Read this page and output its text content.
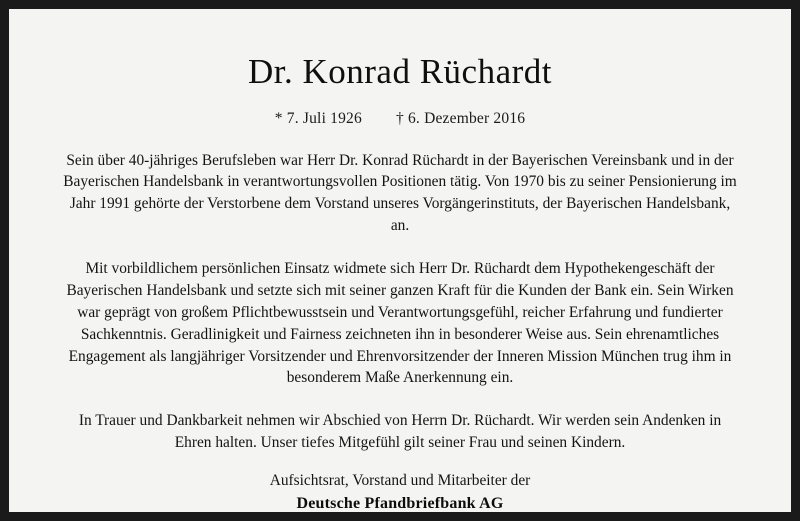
Dr. Konrad Rüchardt
* 7. Juli 1926 † 6. Dezember 2016

Sein über 40-jähriges Berufsleben war Herr Dr. Konrad Rüchardt in der Bayerischen Vereinsbank und in der Bayerischen Handelsbank in verantwortungsvollen Positionen tätig. Von 1970 bis zu seiner Pensionierung im Jahr 1991 gehörte der Verstorbene dem Vorstand unseres Vorgängerinstituts, der Bayerischen Handelsbank, an.

Mit vorbildlichem persönlichen Einsatz widmete sich Herr Dr. Rüchardt dem Hypothekengeschäft der Bayerischen Handelsbank und setzte sich mit seiner ganzen Kraft für die Kunden der Bank ein. Sein Wirken war geprägt von großem Pflichtbewusstsein und Verantwortungsgefühl, reicher Erfahrung und fundierter Sachkenntnis. Geradlinigkeit und Fairness zeichneten ihn in besonderer Weise aus. Sein ehrenamtliches Engagement als langjähriger Vorsitzender und Ehrenvorsitzender der Inneren Mission München trug ihm in besonderem Maße Anerkennung ein.

In Trauer und Dankbarkeit nehmen wir Abschied von Herrn Dr. Rüchardt. Wir werden sein Andenken in Ehren halten. Unser tiefes Mitgefühl gilt seiner Frau und seinen Kindern.

Aufsichtsrat, Vorstand und Mitarbeiter der
Deutsche Pfandbriefbank AG
